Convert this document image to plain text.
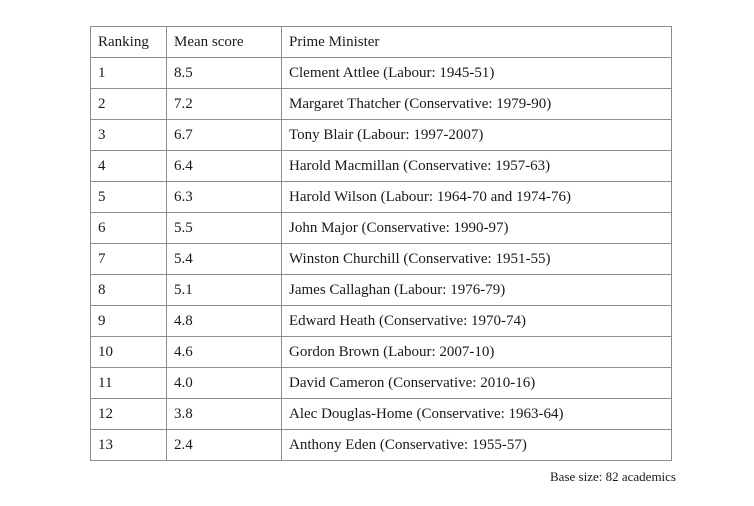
Ranking	Mean score	Prime Minister
1	8.5	Clement Attlee (Labour: 1945-51)
2	7.2	Margaret Thatcher (Conservative: 1979-90)
3	6.7	Tony Blair (Labour: 1997-2007)
4	6.4	Harold Macmillan (Conservative: 1957-63)
5	6.3	Harold Wilson (Labour: 1964-70 and 1974-76)
6	5.5	John Major (Conservative: 1990-97)
7	5.4	Winston Churchill (Conservative: 1951-55)
8	5.1	James Callaghan (Labour: 1976-79)
9	4.8	Edward Heath (Conservative: 1970-74)
10	4.6	Gordon Brown (Labour: 2007-10)
11	4.0	David Cameron (Conservative: 2010-16)
12	3.8	Alec Douglas-Home (Conservative: 1963-64)
13	2.4	Anthony Eden (Conservative: 1955-57)
Base size: 82 academics
